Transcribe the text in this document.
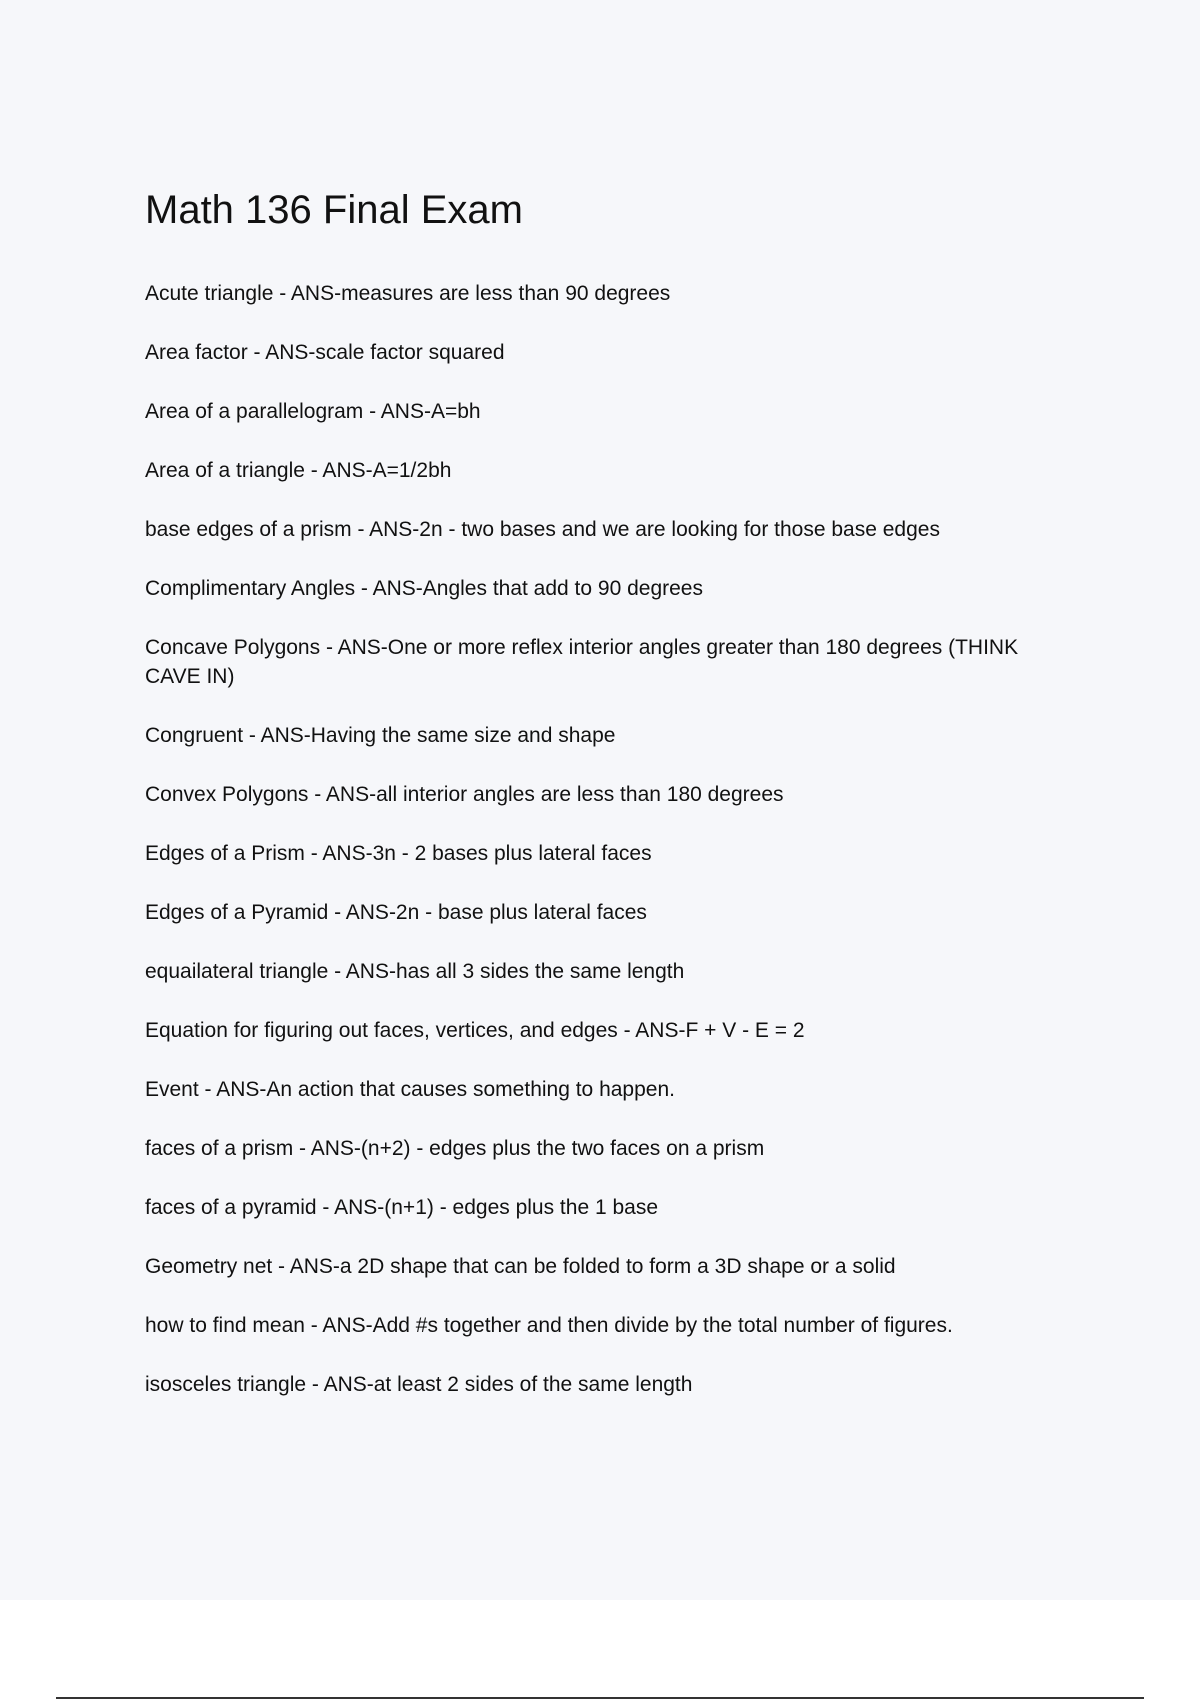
Math 136 Final Exam
Acute triangle - ANS-measures are less than 90 degrees
Area factor - ANS-scale factor squared
Area of a parallelogram - ANS-A=bh
Area of a triangle - ANS-A=1/2bh
base edges of a prism - ANS-2n - two bases and we are looking for those base edges
Complimentary Angles - ANS-Angles that add to 90 degrees
Concave Polygons - ANS-One or more reflex interior angles greater than 180 degrees (THINK CAVE IN)
Congruent - ANS-Having the same size and shape
Convex Polygons - ANS-all interior angles are less than 180 degrees
Edges of a Prism - ANS-3n - 2 bases plus lateral faces
Edges of a Pyramid - ANS-2n - base plus lateral faces
equailateral triangle - ANS-has all 3 sides the same length
Equation for figuring out faces, vertices, and edges - ANS-F + V - E = 2
Event - ANS-An action that causes something to happen.
faces of a prism - ANS-(n+2) - edges plus the two faces on a prism
faces of a pyramid - ANS-(n+1) - edges plus the 1 base
Geometry net - ANS-a 2D shape that can be folded to form a 3D shape or a solid
how to find mean - ANS-Add #s together and then divide by the total number of figures.
isosceles triangle - ANS-at least 2 sides of the same length
